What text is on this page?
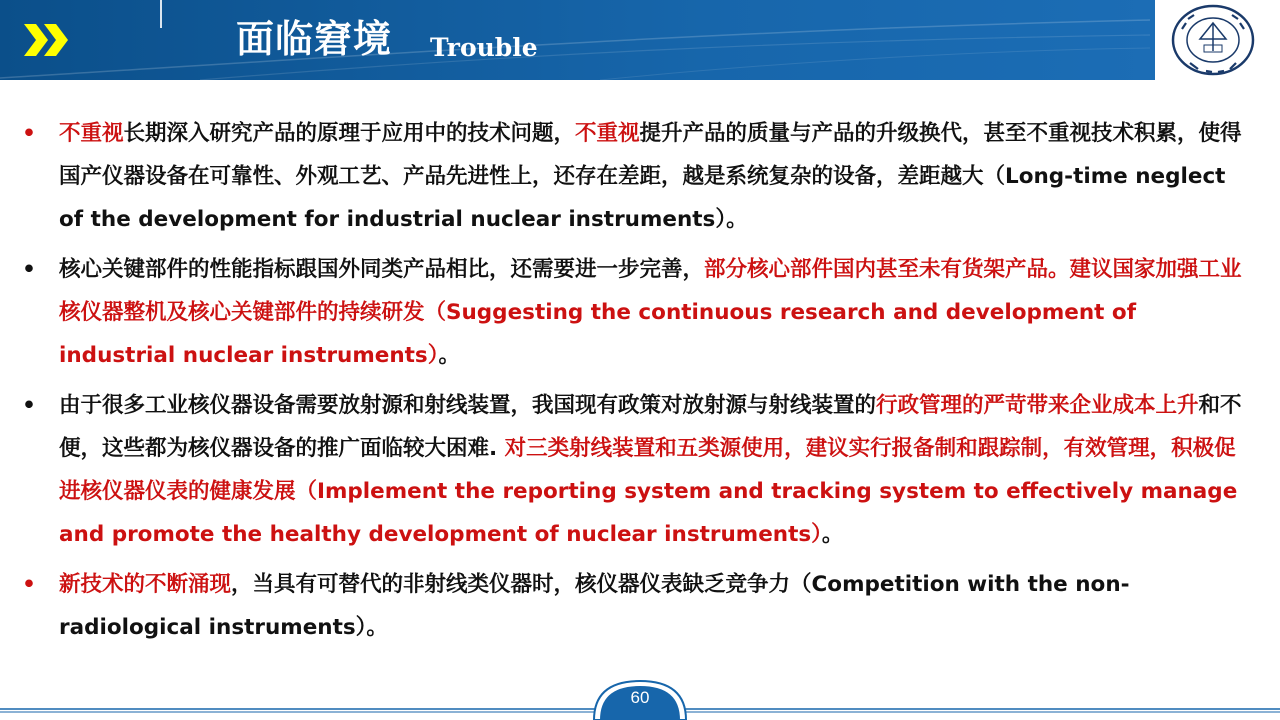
面临窘境 Trouble
• 不重视长期深入研究产品的原理于应用中的技术问题，不重视提升产品的质量与产品的升级换代，甚至不重视技术积累，使得国产仪器设备在可靠性、外观工艺、产品先进性上，还存在差距，越是系统复杂的设备，差距越大（Long-time neglect of the development for industrial nuclear instruments）。
• 核心关键部件的性能指标跟国外同类产品相比，还需要进一步完善，部分核心部件国内甚至未有货架产品。建议国家加强工业核仪器整机及核心关键部件的持续研发（Suggesting the continuous research and development of industrial nuclear instruments）。
• 由于很多工业核仪器设备需要放射源和射线装置，我国现有政策对放射源与射线装置的行政管理的严苛带来企业成本上升和不便，这些都为核仪器设备的推广面临较大困难. 对三类射线装置和五类源使用，建议实行报备制和跟踪制，有效管理，积极促进核仪器仪表的健康发展（Implement the reporting system and tracking system to effectively manage and promote the healthy development of nuclear instruments）。
• 新技术的不断涌现，当具有可替代的非射线类仪器时，核仪器仪表缺乏竞争力（Competition with the non-radiological instruments）。
60
